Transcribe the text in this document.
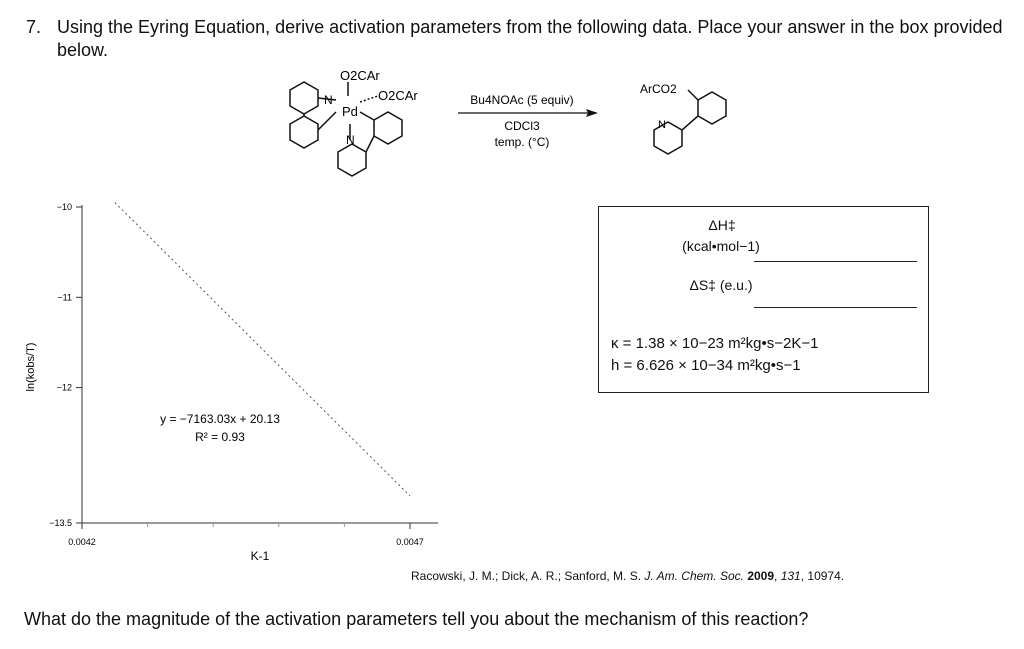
7. Using the Eyring Equation, derive activation parameters from the following data. Place your answer in the box provided below.
O2CAr
O2CAr
N
Pd
N
Bu4NOAc (5 equiv)
CDCl3
temp. (°C)
ArCO2
N
ln(kobs/T)
−10
−11
−12
−13.5
0.0042	0.0047
y = −7163.03x + 20.13
R² = 0.93
K-1
ΔH‡
(kcal•mol−1)
ΔS‡ (e.u.)
κ = 1.38 × 10−23 m²kg•s−2K−1
h = 6.626 × 10−34 m²kg•s−1
Racowski, J. M.; Dick, A. R.; Sanford, M. S. J. Am. Chem. Soc. 2009, 131, 10974.
What do the magnitude of the activation parameters tell you about the mechanism of this reaction?
